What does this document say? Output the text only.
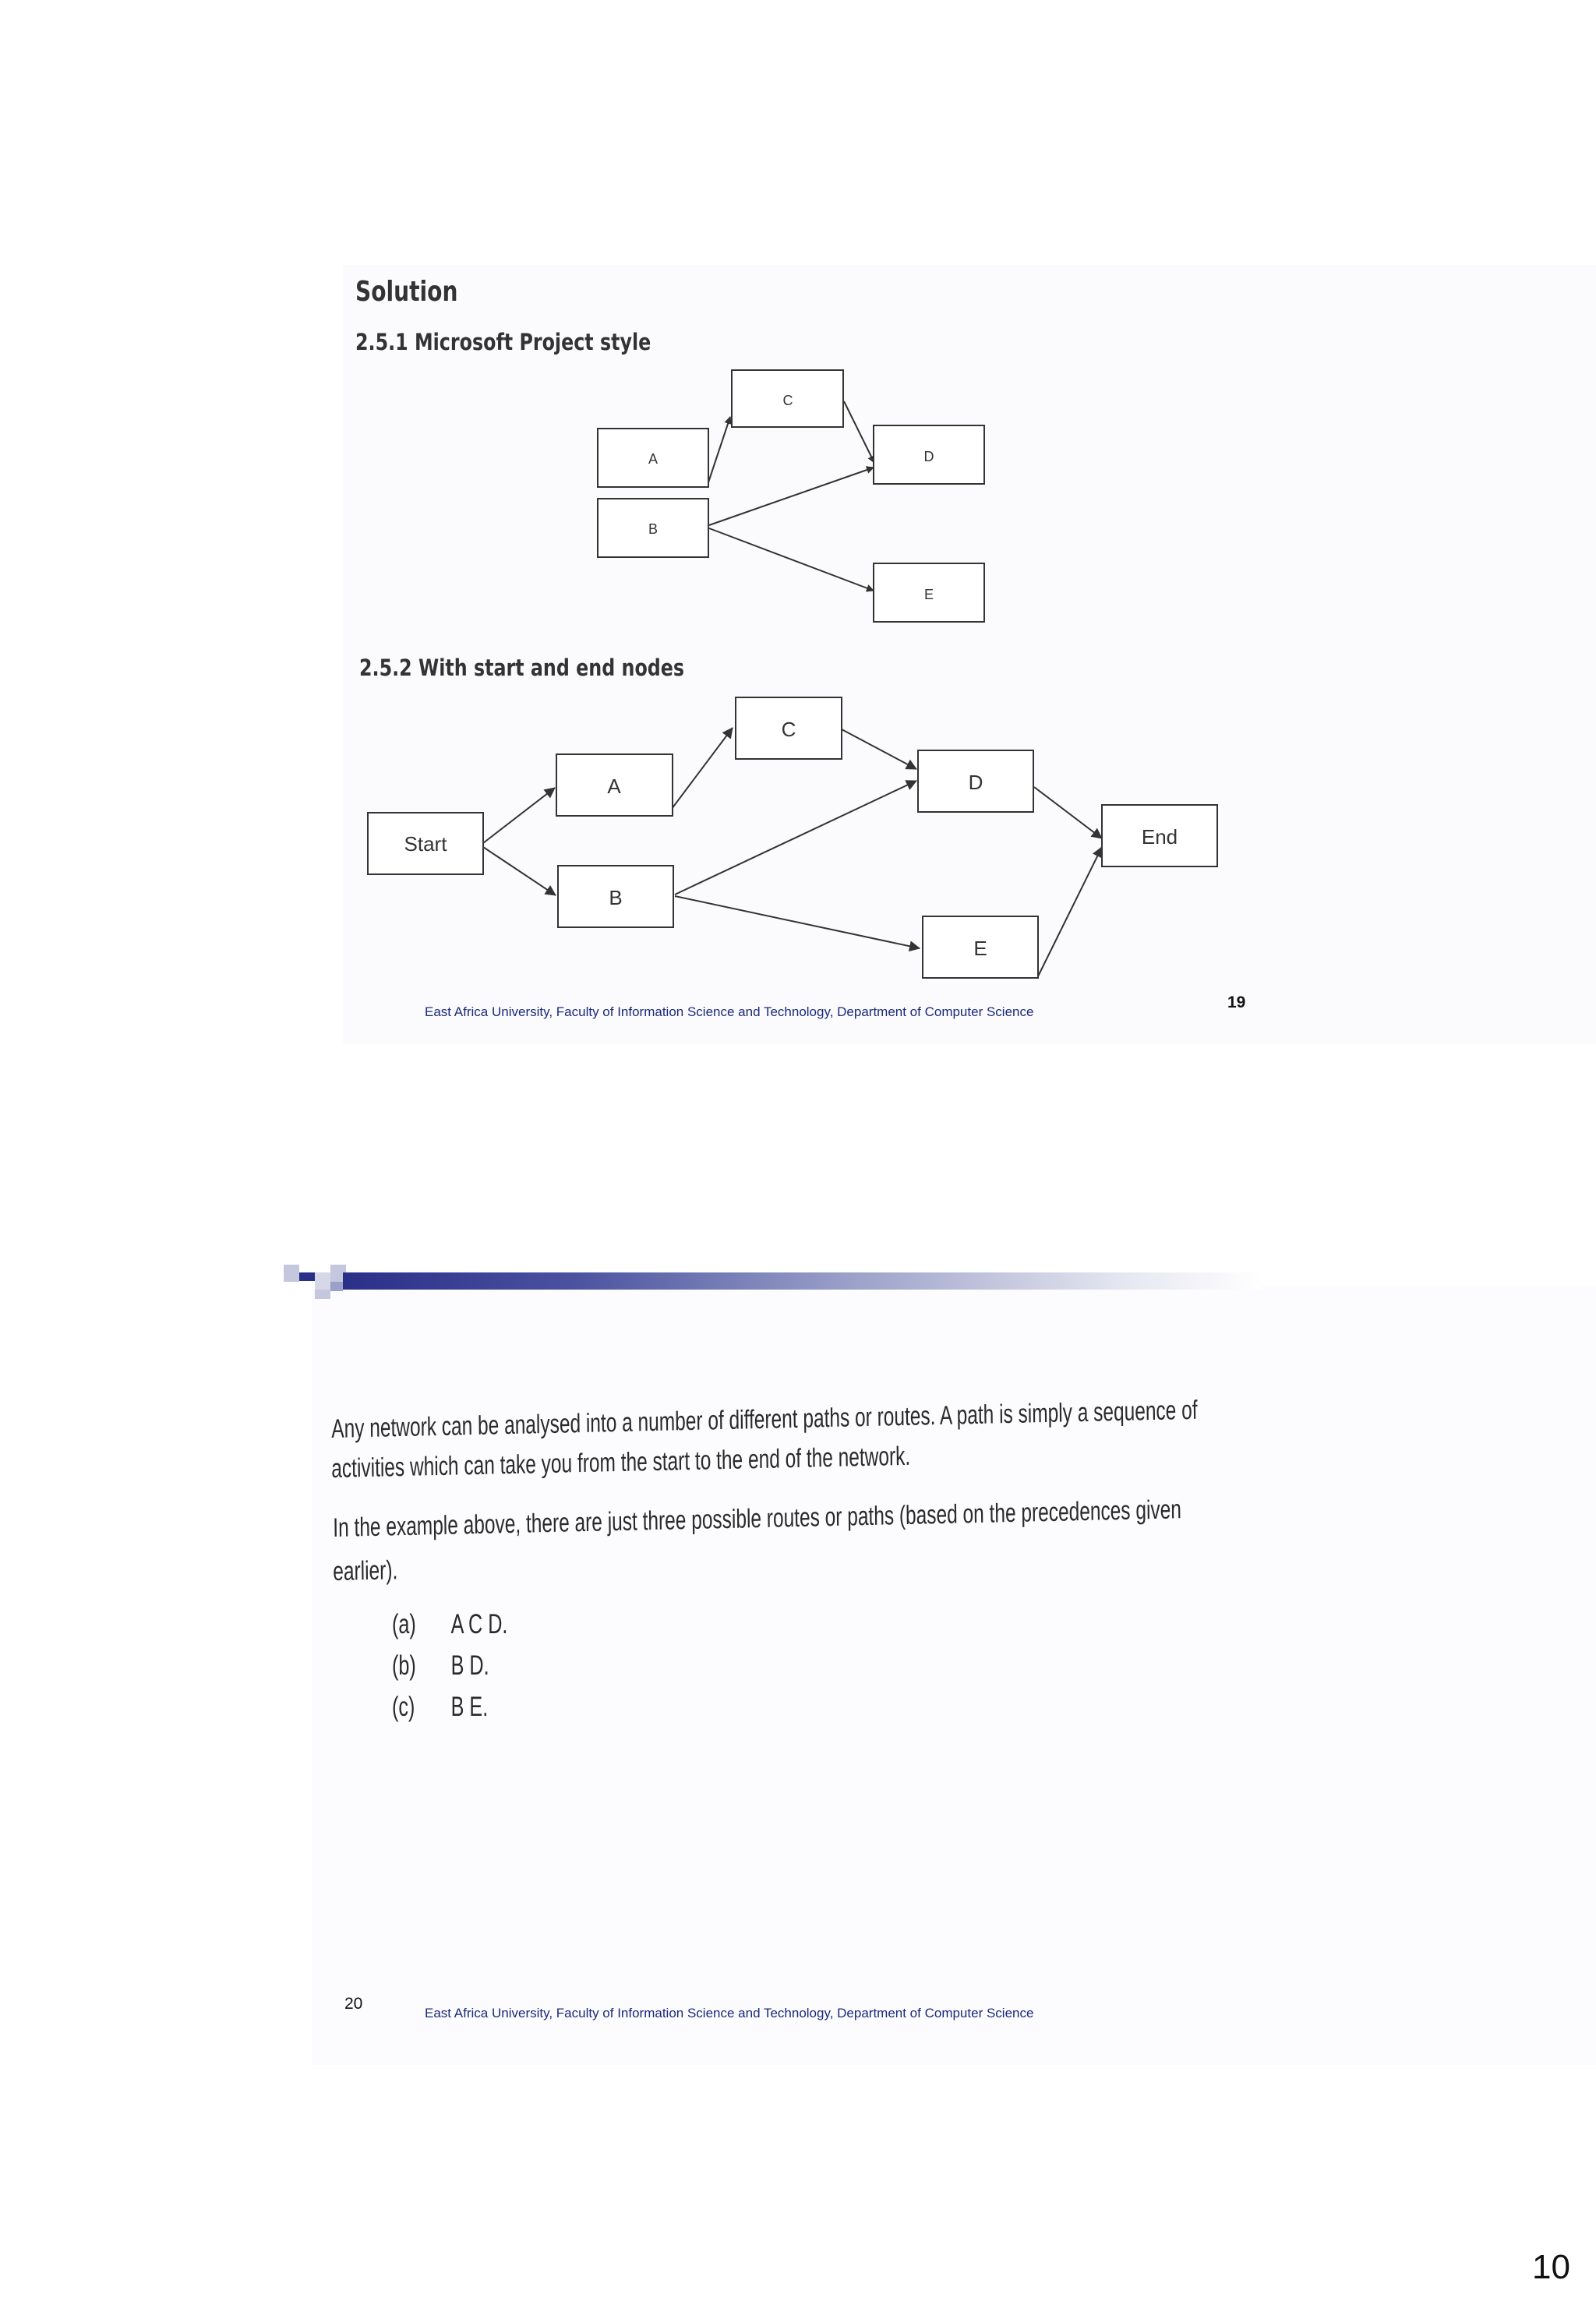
Solution
2.5.1 Microsoft Project style
2.5.2 With start and end nodes
C
A	D
B
E
C
A	D
Start	End
B
E
East Africa University, Faculty of Information Science and Technology, Department of Computer Science
19
Any network can be analysed into a number of different paths or routes. A path is simply a sequence of
activities which can take you from the start to the end of the network.
In the example above, there are just three possible routes or paths (based on the precedences given
earlier).
(a) A C D.
(b) B D.
(c) B E.
20
East Africa University, Faculty of Information Science and Technology, Department of Computer Science
10
